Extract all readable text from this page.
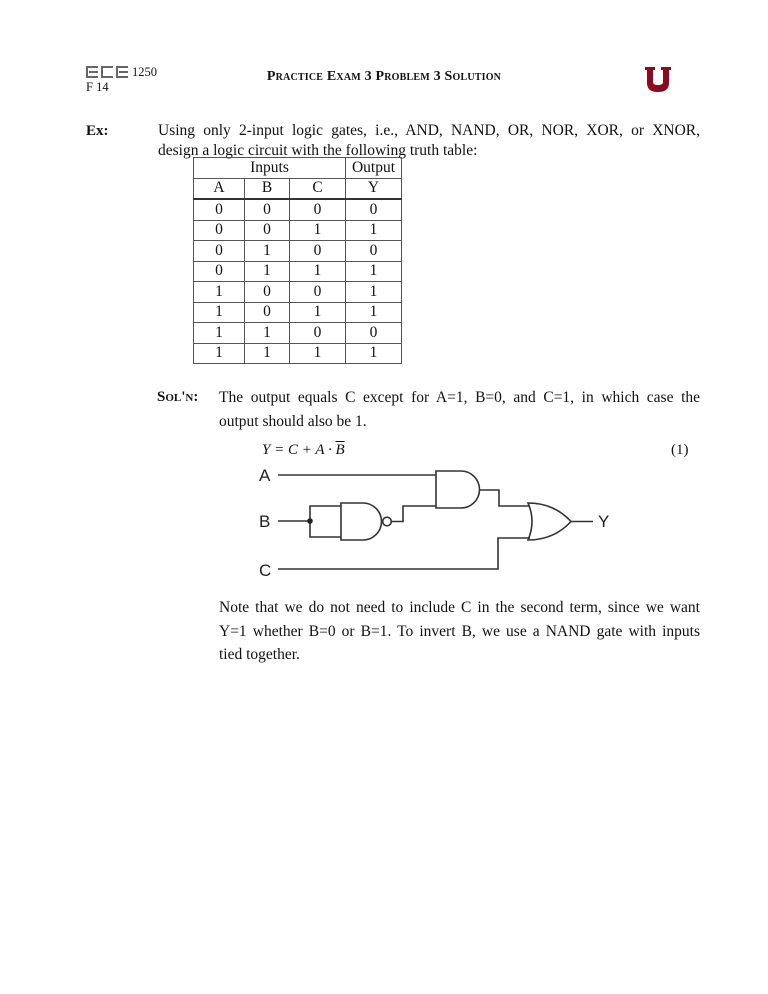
1250
F 14
Practice Exam 3 Problem 3 Solution
Ex:	Using only 2-input logic gates, i.e., AND, NAND, OR, NOR, XOR, or XNOR,
design a logic circuit with the following truth table:
Inputs			Output
A	B	C	Y
0	0	0	0
0	0	1	1
0	1	0	0
0	1	1	1
1	0	0	1
1	0	1	1
1	1	0	0
1	1	1	1
Sol'n: The output equals C except for A=1, B=0, and C=1, in which case the
output should also be 1.
$Y = C + A \cdot \overline{B}$	(1)
A
B
C
Y
Note that we do not need to include C in the second term, since we want
Y=1 whether B=0 or B=1. To invert B, we use a NAND gate with inputs
tied together.
